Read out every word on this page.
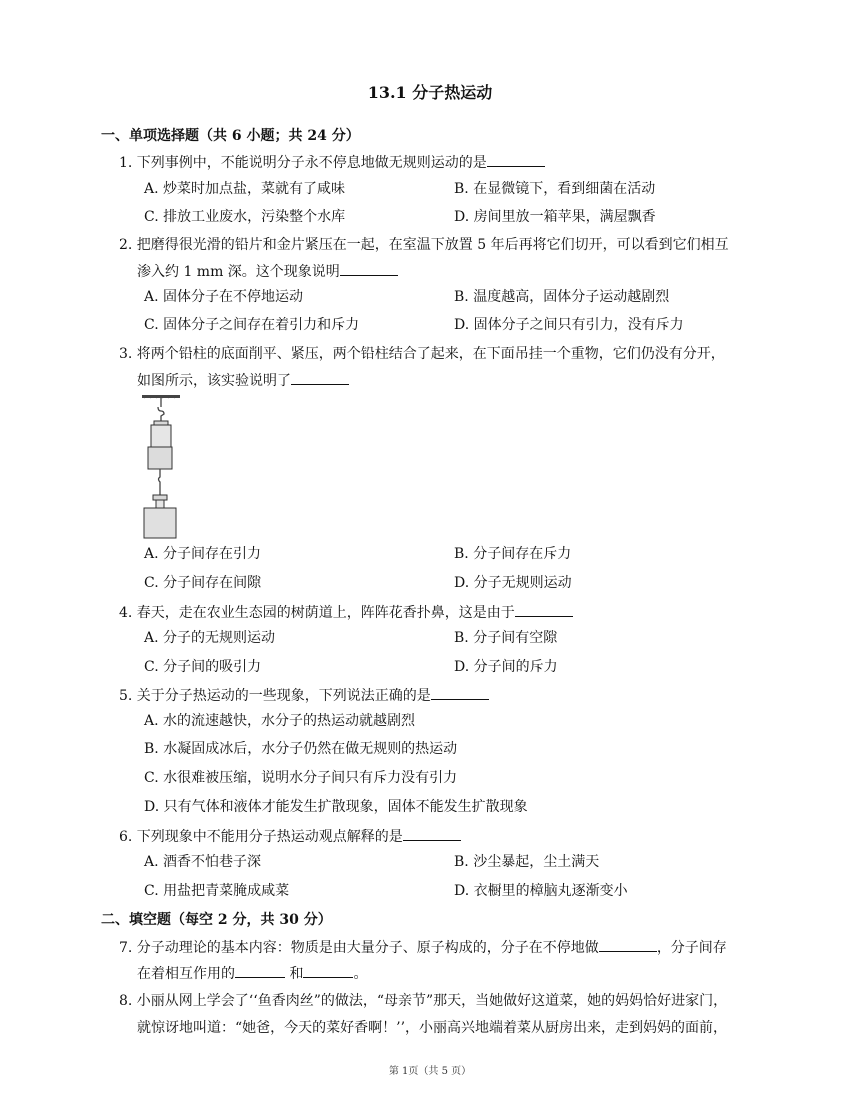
13.1 分子热运动
一、单项选择题（共 6 小题；共 24 分）
1. 下列事例中，不能说明分子永不停息地做无规则运动的是
A. 炒菜时加点盐，菜就有了咸味	B. 在显微镜下，看到细菌在活动
C. 排放工业废水，污染整个水库	D. 房间里放一箱苹果，满屋飘香
2. 把磨得很光滑的铅片和金片紧压在一起，在室温下放置 5 年后再将它们切开，可以看到它们相互
渗入约 1 mm 深。这个现象说明
A. 固体分子在不停地运动	B. 温度越高，固体分子运动越剧烈
C. 固体分子之间存在着引力和斥力	D. 固体分子之间只有引力，没有斥力
3. 将两个铅柱的底面削平、紧压，两个铅柱结合了起来，在下面吊挂一个重物，它们仍没有分开，
如图所示，该实验说明了
A. 分子间存在引力	B. 分子间存在斥力
C. 分子间存在间隙	D. 分子无规则运动
4. 春天，走在农业生态园的树荫道上，阵阵花香扑鼻，这是由于
A. 分子的无规则运动	B. 分子间有空隙
C. 分子间的吸引力	D. 分子间的斥力
5. 关于分子热运动的一些现象，下列说法正确的是
A. 水的流速越快，水分子的热运动就越剧烈
B. 水凝固成冰后，水分子仍然在做无规则的热运动
C. 水很难被压缩，说明水分子间只有斥力没有引力
D. 只有气体和液体才能发生扩散现象，固体不能发生扩散现象
6. 下列现象中不能用分子热运动观点解释的是
A. 酒香不怕巷子深	B. 沙尘暴起，尘土满天
C. 用盐把青菜腌成咸菜	D. 衣橱里的樟脑丸逐渐变小
二、填空题（每空 2 分，共 30 分）
7. 分子动理论的基本内容：物质是由大量分子、原子构成的，分子在不停地做	，分子间存
在着相互作用的	和	。
8. 小丽从网上学会了‘‘鱼香肉丝”的做法，“母亲节”那天，当她做好这道菜，她的妈妈恰好进家门，
就惊讶地叫道：“她爸，今天的菜好香啊！’’，小丽高兴地端着菜从厨房出来，走到妈妈的面前，
第 1页（共 5 页）
